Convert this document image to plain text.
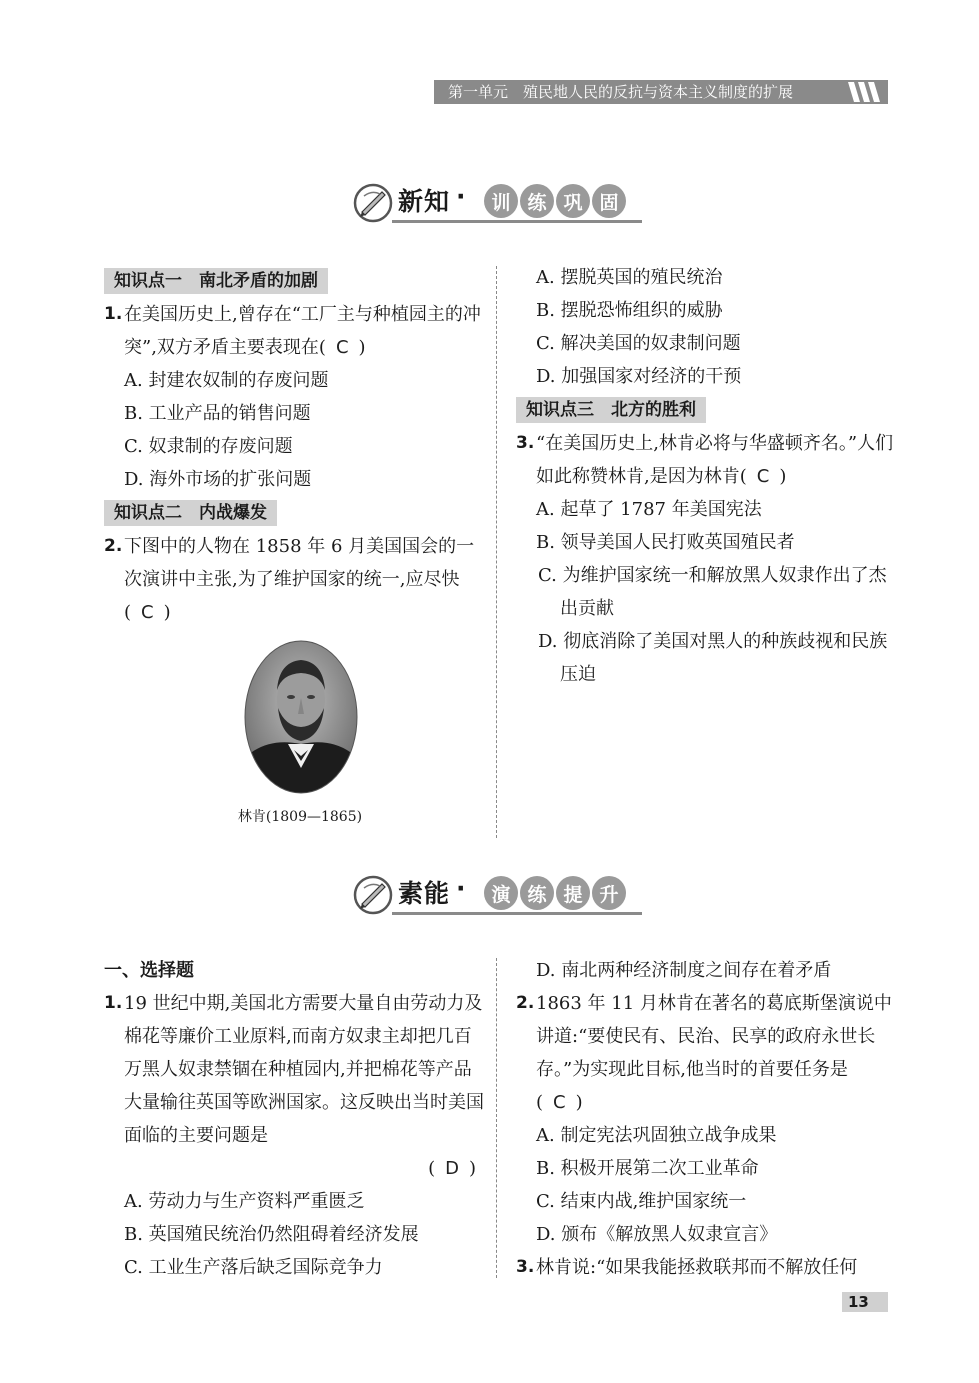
第一单元　殖民地人民的反抗与资本主义制度的扩展
新知 ·	训 练 巩 固
知识点一　南北矛盾的加剧
1. 在美国历史上,曾存在“工厂主与种植园主的冲突”,双方矛盾主要表现在( C )
A. 封建农奴制的存废问题
B. 工业产品的销售问题
C. 奴隶制的存废问题
D. 海外市场的扩张问题
知识点二　内战爆发
2. 下图中的人物在 1858 年 6 月美国国会的一次演讲中主张,为了维护国家的统一,应尽快( C )
林肯(1809—1865)
A. 摆脱英国的殖民统治
B. 摆脱恐怖组织的威胁
C. 解决美国的奴隶制问题
D. 加强国家对经济的干预
知识点三　北方的胜利
3. “在美国历史上,林肯必将与华盛顿齐名。”人们如此称赞林肯,是因为林肯( C )
A. 起草了 1787 年美国宪法
B. 领导美国人民打败英国殖民者
C. 为维护国家统一和解放黑人奴隶作出了杰出贡献
D. 彻底消除了美国对黑人的种族歧视和民族压迫
素能 ·	演 练 提 升
一、选择题
1. 19 世纪中期,美国北方需要大量自由劳动力及棉花等廉价工业原料,而南方奴隶主却把几百万黑人奴隶禁锢在种植园内,并把棉花等产品大量输往英国等欧洲国家。这反映出当时美国面临的主要问题是
( D )
A. 劳动力与生产资料严重匮乏
B. 英国殖民统治仍然阻碍着经济发展
C. 工业生产落后缺乏国际竞争力
D. 南北两种经济制度之间存在着矛盾
2. 1863 年 11 月林肯在著名的葛底斯堡演说中讲道:“要使民有、民治、民享的政府永世长存。”为实现此目标,他当时的首要任务是( C )
A. 制定宪法巩固独立战争成果
B. 积极开展第二次工业革命
C. 结束内战,维护国家统一
D. 颁布《解放黑人奴隶宣言》
3. 林肯说:“如果我能拯救联邦而不解放任何
13
